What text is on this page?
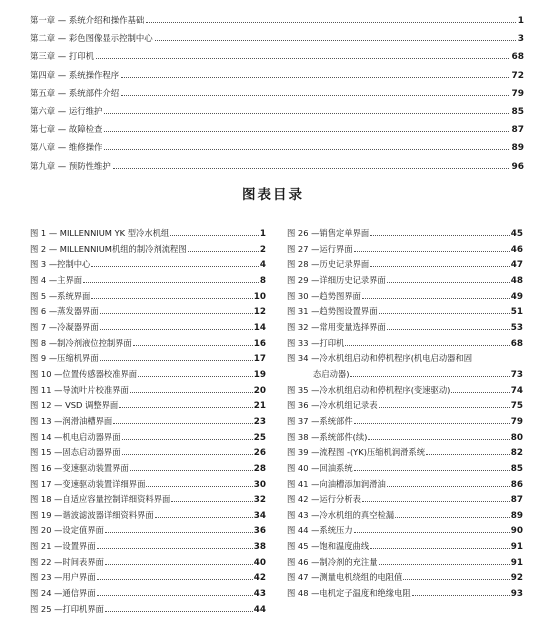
第一章 — 系统介绍和操作基础	1
第二章 — 彩色图像显示控制中心	3
第三章 — 打印机	68
第四章 — 系统操作程序	72
第五章 — 系统部件介绍	79
第六章 — 运行维护	85
第七章 — 故障检查	87
第八章 — 维修操作	89
第九章 — 预防性维护	96
图表目录
图 1 — MILLENNIUM YK 型冷水机组	1
图 2 — MILLENNIUM机组的制冷剂流程图	2
图 3 —控制中心	4
图 4 —主界面	8
图 5 —系统界面	10
图 6 —蒸发器界面	12
图 7 —冷凝器界面	14
图 8 —制冷剂液位控制界面	16
图 9 —压缩机界面	17
图 10 —位置传感器校准界面	19
图 11 —导流叶片校准界面	20
图 12 — VSD 调整界面	21
图 13 —润滑油槽界面	23
图 14 —机电启动器界面	25
图 15 —固态启动器界面	26
图 16 —变速驱动装置界面	28
图 17 —变速驱动装置详细界面	30
图 18 —自适应容量控制详细资料界面	32
图 19 —谐波滤波器详细资料界面	34
图 20 —设定值界面	36
图 21 —设置界面	38
图 22 —时间表界面	40
图 23 —用户界面	42
图 24 —通信界面	43
图 25 —打印机界面	44
图 26 —销售定单界面	45
图 27 —运行界面	46
图 28 —历史记录界面	47
图 29 —详细历史记录界面	48
图 30 —趋势图界面	49
图 31 —趋势图设置界面	51
图 32 —常用变量选择界面	53
图 33 —打印机	68
图 34 —冷水机组启动和停机程序(机电启动器和固
态启动器)	73
图 35 —冷水机组启动和停机程序(变速驱动)	74
图 36 —冷水机组记录表	75
图 37 —系统部件	79
图 38 —系统部件(续)	80
图 39 —流程图 -(YK)压缩机润滑系统	82
图 40 —回油系统	85
图 41 —向油槽添加润滑油	86
图 42 —运行分析表	87
图 43 —冷水机组的真空检漏	89
图 44 —系统压力	90
图 45 —饱和温度曲线	91
图 46 —制冷剂的充注量	91
图 47 —测量电机绕组的电阻值	92
图 48 —电机定子温度和绝缘电阻	93
